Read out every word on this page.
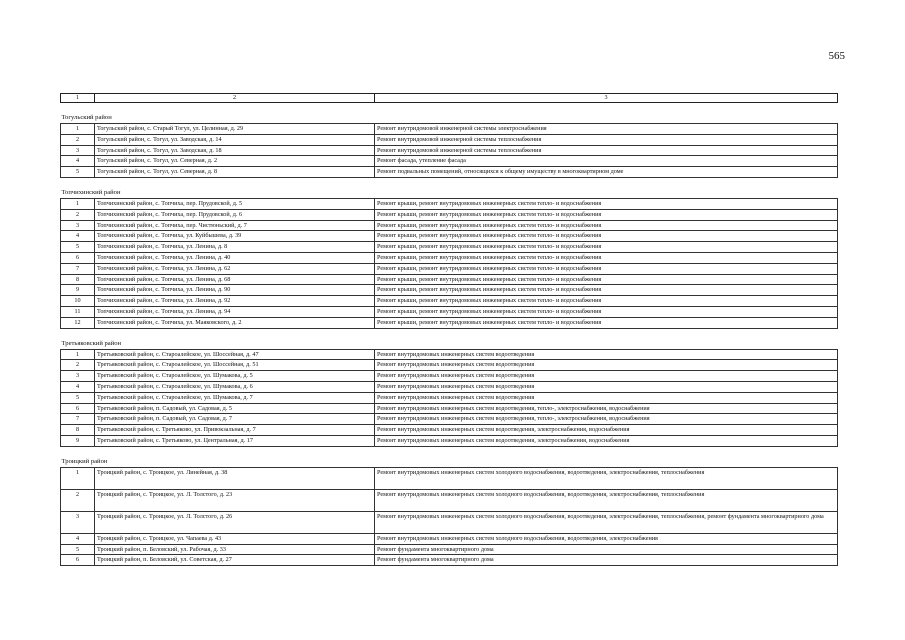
565
1	2	3

Тогульский район		
1	Тогульский район, с. Старый Тогул, ул. Целинная, д. 29	Ремонт внутридомовой инженерной системы электроснабжения
2	Тогульский район, с. Тогул, ул. Заводская, д. 14	Ремонт внутридомовой инженерной системы теплоснабжения
3	Тогульский район, с. Тогул, ул. Заводская, д. 18	Ремонт внутридомовой инженерной системы теплоснабжения
4	Тогульский район, с. Тогул, ул. Северная, д. 2	Ремонт фасада, утепление фасада
5	Тогульский район, с. Тогул, ул. Северная, д. 8	Ремонт подвальных помещений, относящихся к общему имуществу в многоквартирном доме

Топчихинский район		
1	Топчихинский район, с. Топчиха, пер. Прудовской, д. 5	Ремонт крыши, ремонт внутридомовых инженерных систем тепло- и водоснабжения
2	Топчихинский район, с. Топчиха, пер. Прудовской, д. 6	Ремонт крыши, ремонт внутридомовых инженерных систем тепло- и водоснабжения
3	Топчихинский район, с. Топчиха, пер. Чистюньский, д. 7	Ремонт крыши, ремонт внутридомовых инженерных систем тепло- и водоснабжения
4	Топчихинский район, с. Топчиха, ул. Куйбышева, д. 39	Ремонт крыши, ремонт внутридомовых инженерных систем тепло- и водоснабжения
5	Топчихинский район, с. Топчиха, ул. Ленина, д. 8	Ремонт крыши, ремонт внутридомовых инженерных систем тепло- и водоснабжения
6	Топчихинский район, с. Топчиха, ул. Ленина, д. 40	Ремонт крыши, ремонт внутридомовых инженерных систем тепло- и водоснабжения
7	Топчихинский район, с. Топчиха, ул. Ленина, д. 62	Ремонт крыши, ремонт внутридомовых инженерных систем тепло- и водоснабжения
8	Топчихинский район, с. Топчиха, ул. Ленина, д. 68	Ремонт крыши, ремонт внутридомовых инженерных систем тепло- и водоснабжения
9	Топчихинский район, с. Топчиха, ул. Ленина, д. 90	Ремонт крыши, ремонт внутридомовых инженерных систем тепло- и водоснабжения
10	Топчихинский район, с. Топчиха, ул. Ленина, д. 92	Ремонт крыши, ремонт внутридомовых инженерных систем тепло- и водоснабжения
11	Топчихинский район, с. Топчиха, ул. Ленина, д. 94	Ремонт крыши, ремонт внутридомовых инженерных систем тепло- и водоснабжения
12	Топчихинский район, с. Топчиха, ул. Маяковского, д. 2	Ремонт крыши, ремонт внутридомовых инженерных систем тепло- и водоснабжения

Третьяковский район		
1	Третьяковский район, с. Староалейское, ул. Шоссейная, д. 47	Ремонт внутридомовых инженерных систем водоотведения
2	Третьяковский район, с. Староалейское, ул. Шоссейная, д. 51	Ремонт внутридомовых инженерных систем водоотведения
3	Третьяковский район, с. Староалейское, ул. Шумакова, д. 5	Ремонт внутридомовых инженерных систем водоотведения
4	Третьяковский район, с. Староалейское, ул. Шумакова, д. 6	Ремонт внутридомовых инженерных систем водоотведения
5	Третьяковский район, с. Староалейское, ул. Шумакова, д. 7	Ремонт внутридомовых инженерных систем водоотведения
6	Третьяковский район, п. Садовый, ул. Садовая, д. 5	Ремонт внутридомовых инженерных систем водоотведения, тепло-, электроснабжения, водоснабжения
7	Третьяковский район, п. Садовый, ул. Садовая, д. 7	Ремонт внутридомовых инженерных систем водоотведения, тепло-, электроснабжения, водоснабжения
8	Третьяковский район, с. Третьяково, ул. Привокзальная, д. 7	Ремонт внутридомовых инженерных систем водоотведения, электроснабжения, водоснабжения
9	Третьяковский район, с. Третьяково, ул. Центральная, д. 17	Ремонт внутридомовых инженерных систем водоотведения, электроснабжения, водоснабжения

Троицкий район		
1	Троицкий район, с. Троицкое, ул. Линейная, д. 38	Ремонт внутридомовых инженерных систем холодного водоснабжения, водоотведения, электроснабжения, теплоснабжения
2	Троицкий район, с. Троицкое, ул. Л. Толстого, д. 23	Ремонт внутридомовых инженерных систем холодного водоснабжения, водоотведения, электроснабжения, теплоснабжения
3	Троицкий район, с. Троицкое, ул. Л. Толстого, д. 26	Ремонт внутридомовых инженерных систем холодного водоснабжения, водоотведения, электроснабжения, теплоснабжения, ремонт фундамента многоквартирного дома
4	Троицкий район, с. Троицкое, ул. Чапаева д. 43	Ремонт внутридомовых инженерных систем холодного водоснабжения, водоотведения, электроснабжения
5	Троицкий район, п. Беловский, ул. Рабочая, д. 33	Ремонт фундамента многоквартирного дома
6	Троицкий район, п. Беловский, ул. Советская, д. 27	Ремонт фундамента многоквартирного дома
